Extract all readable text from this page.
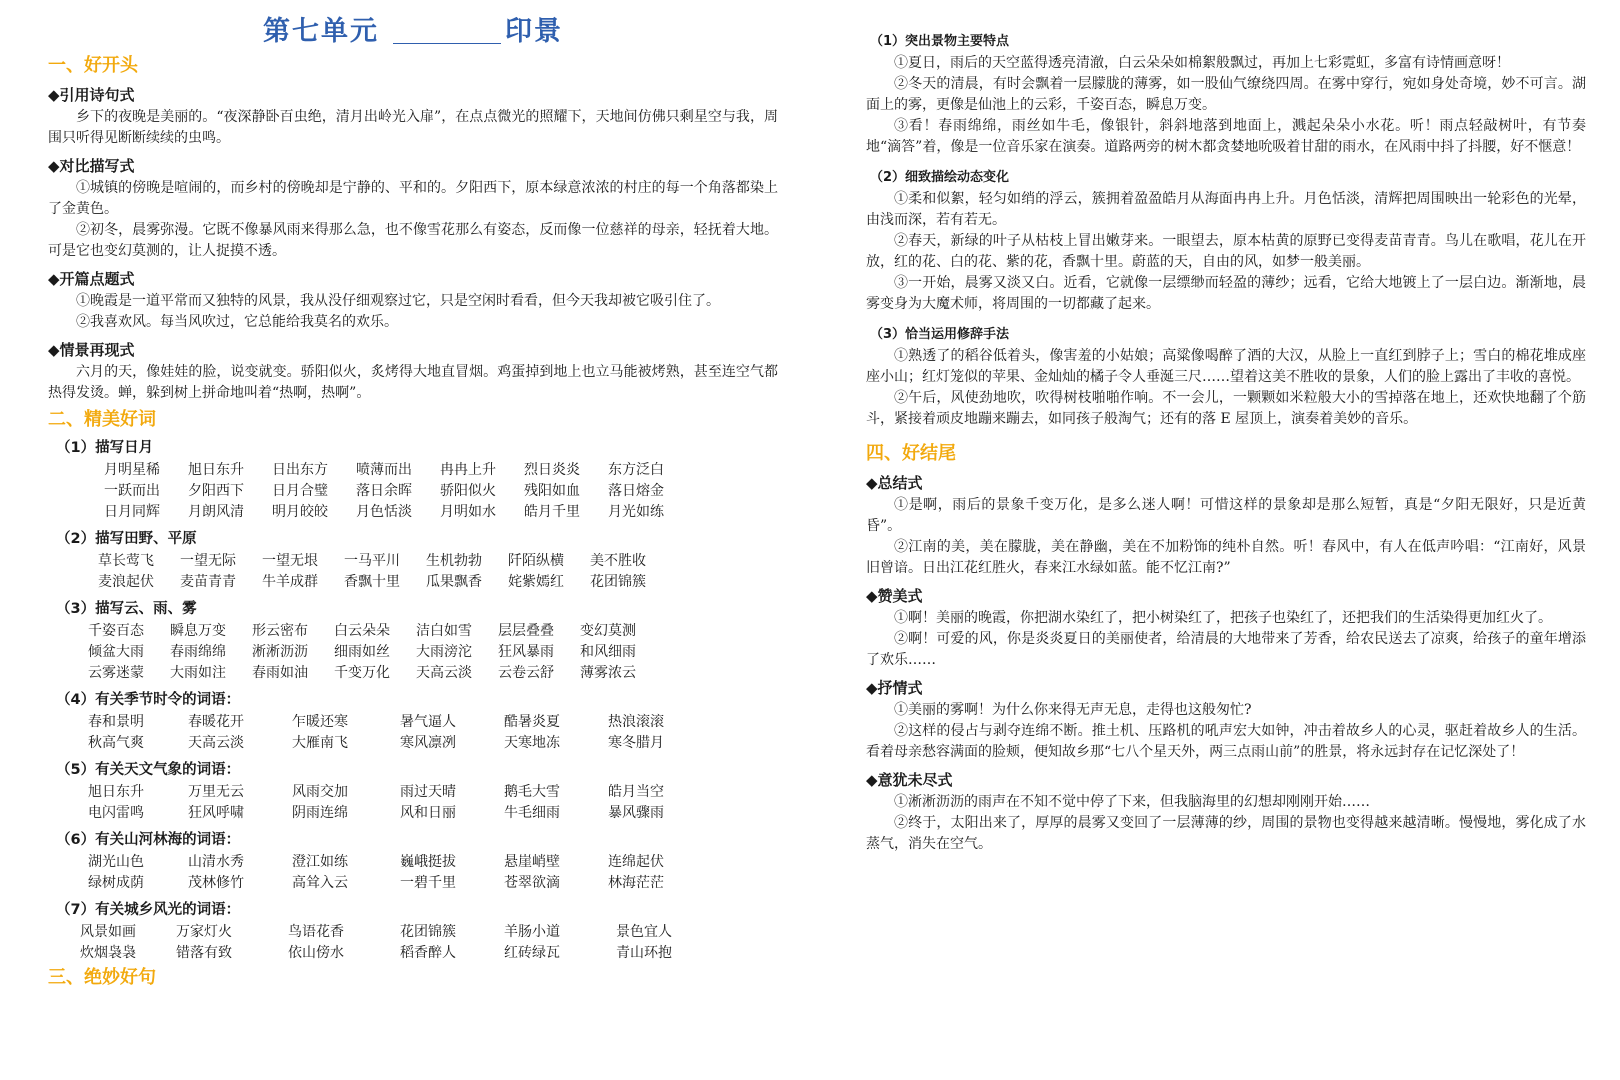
第七单元	印景
一、好开头
◆引用诗句式

乡下的夜晚是美丽的。“夜深静卧百虫绝，清月出岭光入扉”，在点点微光的照耀下，天地间仿佛只剩星空与我，周围只听得见断断续续的虫鸣。

◆对比描写式

①城镇的傍晚是喧闹的，而乡村的傍晚却是宁静的、平和的。夕阳西下，原本绿意浓浓的村庄的每一个角落都染上了金黄色。

②初冬，晨雾弥漫。它既不像暴风雨来得那么急，也不像雪花那么有姿态，反而像一位慈祥的母亲，轻抚着大地。可是它也变幻莫测的，让人捉摸不透。

◆开篇点题式

①晚霞是一道平常而又独特的风景，我从没仔细观察过它，只是空闲时看看，但今天我却被它吸引住了。

②我喜欢风。每当风吹过，它总能给我莫名的欢乐。

◆情景再现式

六月的天，像娃娃的脸，说变就变。骄阳似火，炙烤得大地直冒烟。鸡蛋掉到地上也立马能被烤熟，甚至连空气都热得发烫。蝉，躲到树上拼命地叫着“热啊，热啊”。

二、精美好词
（1）描写日月
月明星稀	旭日东升	日出东方	喷薄而出	冉冉上升	烈日炎炎	东方泛白
一跃而出	夕阳西下	日月合璧	落日余晖	骄阳似火	残阳如血	落日熔金
日月同辉	月朗风清	明月皎皎	月色恬淡	月明如水	皓月千里	月光如练
（2）描写田野、平原
草长莺飞	一望无际	一望无垠	一马平川	生机勃勃	阡陌纵横	美不胜收
麦浪起伏	麦苗青青	牛羊成群	香飘十里	瓜果飘香	姹紫嫣红	花团锦簇
（3）描写云、雨、雾
千姿百态	瞬息万变	形云密布	白云朵朵	洁白如雪	层层叠叠	变幻莫测
倾盆大雨	春雨绵绵	淅淅沥沥	细雨如丝	大雨滂沱	狂风暴雨	和风细雨
云雾迷蒙	大雨如注	春雨如油	千变万化	天高云淡	云卷云舒	薄雾浓云
（4）有关季节时令的词语：
春和景明	春暖花开	乍暖还寒	暑气逼人	酷暑炎夏	热浪滚滚
秋高气爽	天高云淡	大雁南飞	寒风凛冽	天寒地冻	寒冬腊月
（5）有关天文气象的词语：
旭日东升	万里无云	风雨交加	雨过天晴	鹅毛大雪	皓月当空
电闪雷鸣	狂风呼啸	阴雨连绵	风和日丽	牛毛细雨	暴风骤雨
（6）有关山河林海的词语：
湖光山色	山清水秀	澄江如练	巍峨挺拔	悬崖峭壁	连绵起伏
绿树成荫	茂林修竹	高耸入云	一碧千里	苍翠欲滴	林海茫茫
（7）有关城乡风光的词语：
风景如画	万家灯火	鸟语花香	花团锦簇	羊肠小道	景色宜人
炊烟袅袅	错落有致	依山傍水	稻香醉人	红砖绿瓦	青山环抱
三、绝妙好句
（1）突出景物主要特点

①夏日，雨后的天空蓝得透亮清澈，白云朵朵如棉絮般飘过，再加上七彩霓虹，多富有诗情画意呀！

②冬天的清晨，有时会飘着一层朦胧的薄雾，如一股仙气缭绕四周。在雾中穿行，宛如身处奇境，妙不可言。湖面上的雾，更像是仙池上的云彩，千姿百态，瞬息万变。

③看！春雨绵绵，雨丝如牛毛，像银针，斜斜地落到地面上，溅起朵朵小水花。听！雨点轻敲树叶，有节奏地“滴答”着，像是一位音乐家在演奏。道路两旁的树木都贪婪地吮吸着甘甜的雨水，在风雨中抖了抖腰，好不惬意！

（2）细致描绘动态变化

①柔和似絮，轻匀如绡的浮云，簇拥着盈盈皓月从海面冉冉上升。月色恬淡，清辉把周围映出一轮彩色的光晕，由浅而深，若有若无。

②春天，新绿的叶子从枯枝上冒出嫩芽来。一眼望去，原本枯黄的原野已变得麦苗青青。鸟儿在歌唱，花儿在开放，红的花、白的花、紫的花，香飘十里。蔚蓝的天，自由的风，如梦一般美丽。

③一开始，晨雾又淡又白。近看，它就像一层缥缈而轻盈的薄纱；远看，它给大地镀上了一层白边。渐渐地，晨雾变身为大魔术师，将周围的一切都藏了起来。

（3）恰当运用修辞手法

①熟透了的稻谷低着头，像害羞的小姑娘；高粱像喝醉了酒的大汉，从脸上一直红到脖子上；雪白的棉花堆成座座小山；红灯笼似的苹果、金灿灿的橘子令人垂涎三尺……望着这美不胜收的景象，人们的脸上露出了丰收的喜悦。

②午后，风使劲地吹，吹得树枝啪啪作响。不一会儿，一颗颗如米粒般大小的雪掉落在地上，还欢快地翻了个筋斗，紧接着顽皮地蹦来蹦去，如同孩子般淘气；还有的落 E 屋顶上，演奏着美妙的音乐。

四、好结尾
◆总结式

①是啊，雨后的景象千变万化，是多么迷人啊！可惜这样的景象却是那么短暂，真是“夕阳无限好，只是近黄昏”。

②江南的美，美在朦胧，美在静幽，美在不加粉饰的纯朴自然。听！春风中，有人在低声吟唱：“江南好，风景旧曾谙。日出江花红胜火，春来江水绿如蓝。能不忆江南?”

◆赞美式

①啊！美丽的晚霞，你把湖水染红了，把小树染红了，把孩子也染红了，还把我们的生活染得更加红火了。

②啊！可爱的风，你是炎炎夏日的美丽使者，给清晨的大地带来了芳香，给农民送去了凉爽，给孩子的童年增添了欢乐……

◆抒情式

①美丽的雾啊！为什么你来得无声无息，走得也这般匆忙?

②这样的侵占与剥夺连绵不断。推土机、压路机的吼声宏大如钟，冲击着故乡人的心灵，驱赶着故乡人的生活。看着母亲愁容满面的脸颊，便知故乡那“七八个星天外，两三点雨山前”的胜景，将永远封存在记忆深处了！

◆意犹未尽式

①淅淅沥沥的雨声在不知不觉中停了下来，但我脑海里的幻想却刚刚开始……

②终于，太阳出来了，厚厚的晨雾又变回了一层薄薄的纱，周围的景物也变得越来越清晰。慢慢地，雾化成了水蒸气，消失在空气。
